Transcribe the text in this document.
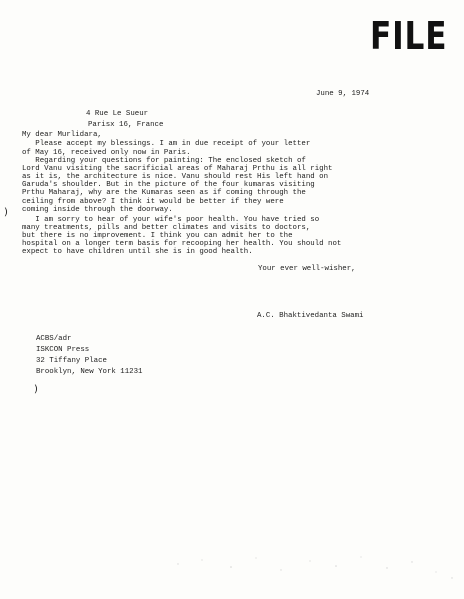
FILE
June 9, 1974
4 Rue Le Sueur
Parisx 16, France
My dear Murlidara,
Please accept my blessings. I am in due receipt of your letter
of May 16, received only now in Paris.
Regarding your questions for painting: The enclosed sketch of
Lord Vanu visiting the sacrificial areas of Maharaj Prthu is all right
as it is, the architecture is nice. Vanu should rest His left hand on
Garuda's shoulder. But in the picture of the four kumaras visiting
Prthu Maharaj, why are the Kumaras seen as if coming through the
ceiling from above? I think it would be better if they were
coming inside through the doorway.
I am sorry to hear of your wife's poor health. You have tried so
many treatments, pills and better climates and visits to doctors,
but there is no improvement. I think you can admit her to the
hospital on a longer term basis for recooping her health. You should not
expect to have children until she is in good health.
)
Your ever well-wisher,
A.C. Bhaktivedanta Swami
ACBS/adr
ISKCON Press
32 Tiffany Place
Brooklyn, New York 11231
)
